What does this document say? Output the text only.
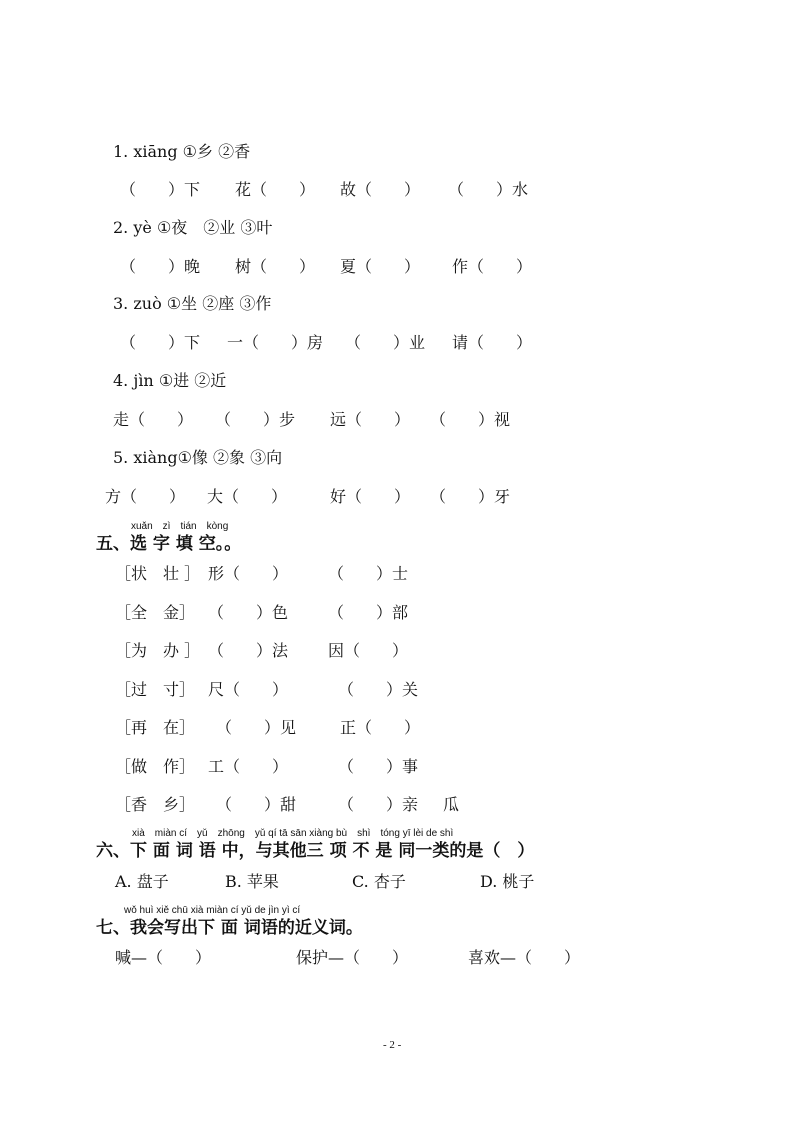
1. xiāng ①乡 ②香
（　　）下 花（　　） 故（　　） （　　）水
2. yè ①夜　②业 ③叶
（　　）晚 树（　　） 夏（　　） 作（　　）
3. zuò ①坐 ②座 ③作
（　　）下 一（　　）房 （　　）业 请（　　）
4. jìn ①进 ②近
走（　　） （　　）步 远（　　） （　　）视
5. xiàng①像 ②象 ③向
方（　　） 大（　　）	好（　　） （　　）牙
xuǎn　zì　tián　kòng
五、选 字 填 空。。
［状　壮 ］ 形（　　） （　　）士
［全　金］ （　　）色 （　　）部
［为　办 ］ （　　）法 因（　　）
［过　寸］ 尺（　　）	（　　）关
［再　在］ （　　）见	正（　　）
［做　作］ 工（　　）	（　　）事
［香　乡］ （　　）甜	（　　）亲 瓜
xià　miàn cí　yǔ　zhōng　yǔ qí tā sān xiàng bù　shì　tóng yī lèi de shì
六、下 面 词 语 中，与其他三 项 不 是 同一类的是（　）
A. 盘子	B. 苹果	C. 杏子	D. 桃子
wǒ huì xiě chū xià miàn cí yǔ de jìn yì cí
七、我会写出下 面 词语的近义词。
喊—（　　）	保护—（　　）	喜欢—（　　）
- 2 -
